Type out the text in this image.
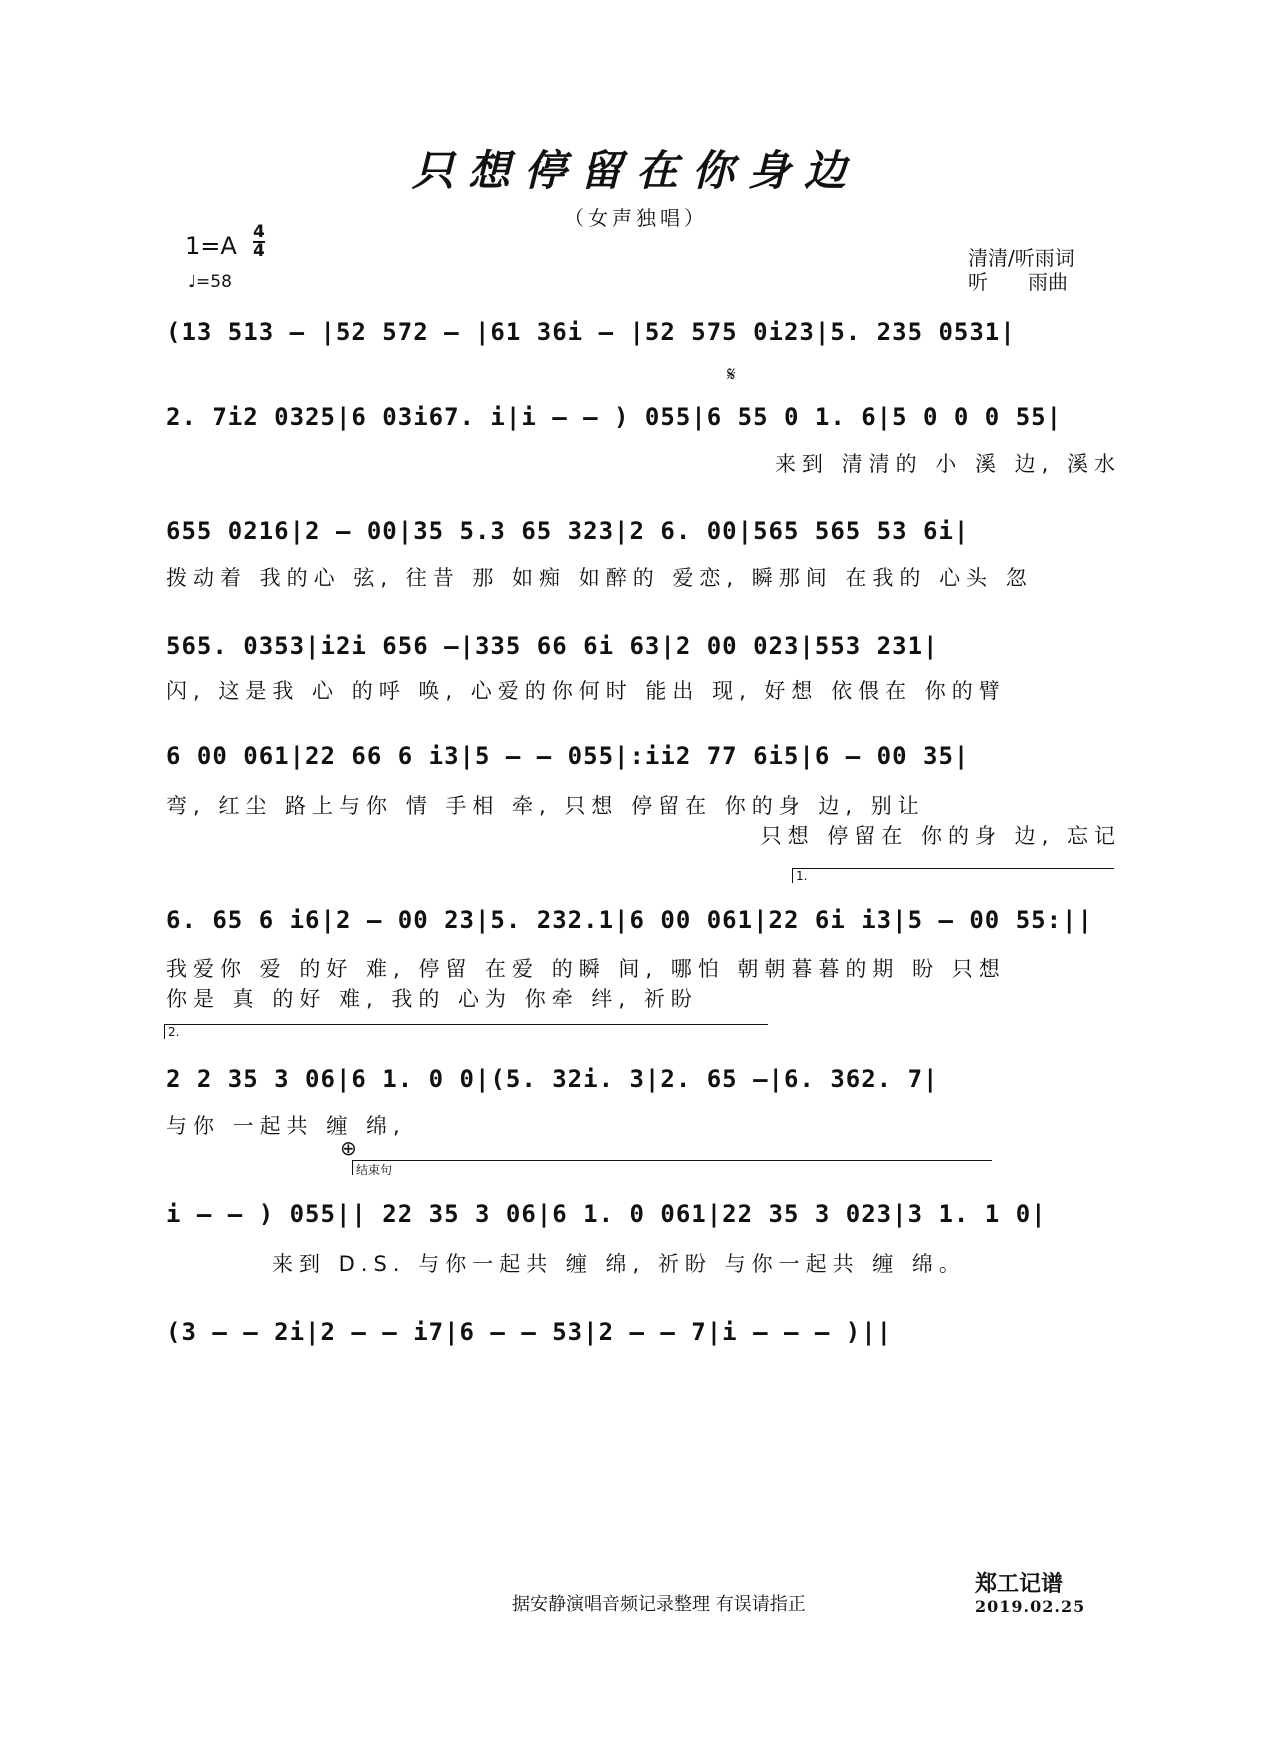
只想停留在你身边
（女声独唱）
1=A 4
4
♩=58
清清/听雨词
听　　雨曲
(13 513 – |52 572 – |61 36i – |52 575 0i23|5. 235 0531|
𝄋
2. 7i2 0325|6 03i67. i|i – – ) 055|6 55 0 1. 6|5 0 0 0 55|
来到 清清的 小 溪 边, 溪水
655 0216|2 – 00|35 5.3 65 323|2 6. 00|565 565 53 6i|
拨动着 我的心 弦, 往昔 那 如痴 如醉的 爱恋, 瞬那间 在我的 心头 忽
565. 0353|i2i 656 –|335 66 6i 63|2 00 023|553 231|
闪, 这是我 心 的呼 唤, 心爱的你何时 能出 现, 好想 依偎在 你的臂
6 00 061|22 66 6 i3|5 – – 055|:ii2 77 6i5|6 – 00 35|
弯, 红尘 路上与你 情 手相 牵, 只想 停留在 你的身 边, 别让
只想 停留在 你的身 边, 忘记
1.
6. 65 6 i6|2 – 00 23|5. 232.1|6 00 061|22 6i i3|5 – 00 55:||
我爱你 爱 的好 难, 停留 在爱 的瞬 间, 哪怕 朝朝暮暮的期 盼 只想
你是 真 的好 难, 我的 心为 你牵 绊, 祈盼
2.
2 2 35 3 06|6 1. 0 0|(5. 32i. 3|2. 65 –|6. 362. 7|
与你 一起共 缠 绵,
⊕
结束句
i – – ) 055|| 22 35 3 06|6 1. 0 061|22 35 3 023|3 1. 1 0|
来到 D.S. 与你一起共 缠 绵, 祈盼 与你一起共 缠 绵。
(3 – – 2i|2 – – i7|6 – – 53|2 – – 7|i – – – )||
据安静演唱音频记录整理 有误请指正
郑工记谱
2019.02.25
